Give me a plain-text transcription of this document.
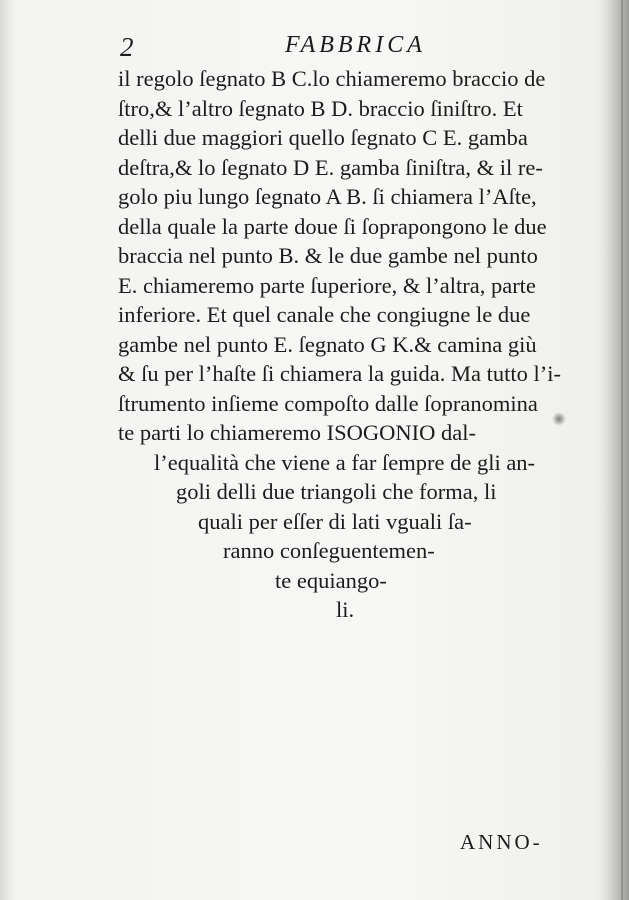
2	FABBRICA
il regolo ſegnato B C.lo chiameremo braccio de
ſtro,& l’altro ſegnato B D. braccio ſiniſtro. Et
delli due maggiori quello ſegnato C E. gamba
deſtra,& lo ſegnato D E. gamba ſiniſtra, & il re-
golo piu lungo ſegnato A B. ſi chiamera l’Aſte,
della quale la parte doue ſi ſoprapongono le due
braccia nel punto B. & le due gambe nel punto
E. chiameremo parte ſuperiore, & l’altra, parte
inferiore. Et quel canale che congiugne le due
gambe nel punto E. ſegnato G K.& camina giù
& ſu per l’haſte ſi chiamera la guida. Ma tutto l’i-
ſtrumento inſieme compoſto dalle ſopranomina
te parti lo chiameremo ISOGONIO dal-
l’equalità che viene a far ſempre de gli an-
goli delli due triangoli che forma, li
quali per eſſer di lati vguali ſa-
ranno conſeguentemen-
te equiango-
li.
ANNO-
